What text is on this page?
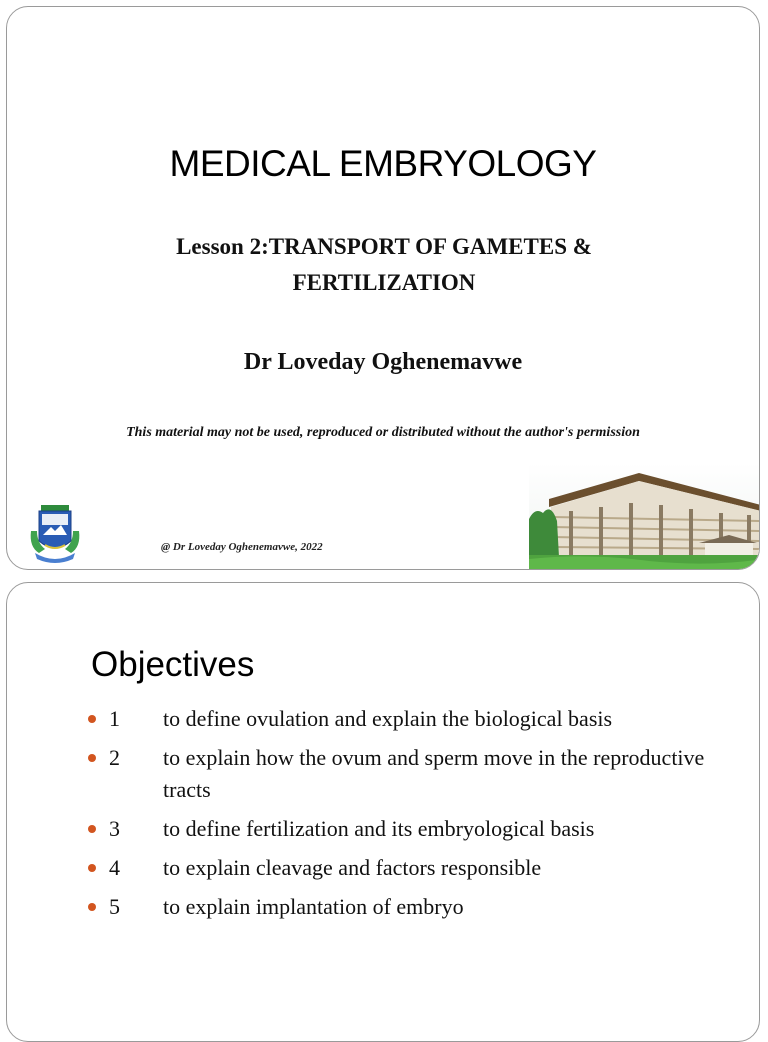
MEDICAL EMBRYOLOGY
Lesson 2:TRANSPORT OF GAMETES &
FERTILIZATION
Dr Loveday Oghenemavwe
This material may not be used, reproduced or distributed without the author's permission
@ Dr Loveday Oghenemavwe, 2022
Objectives
1	to define ovulation and explain the biological basis
2	to explain how the ovum and sperm move in the reproductive tracts
3	to define fertilization and its embryological basis
4	to explain cleavage and factors responsible
5	to explain implantation of embryo
